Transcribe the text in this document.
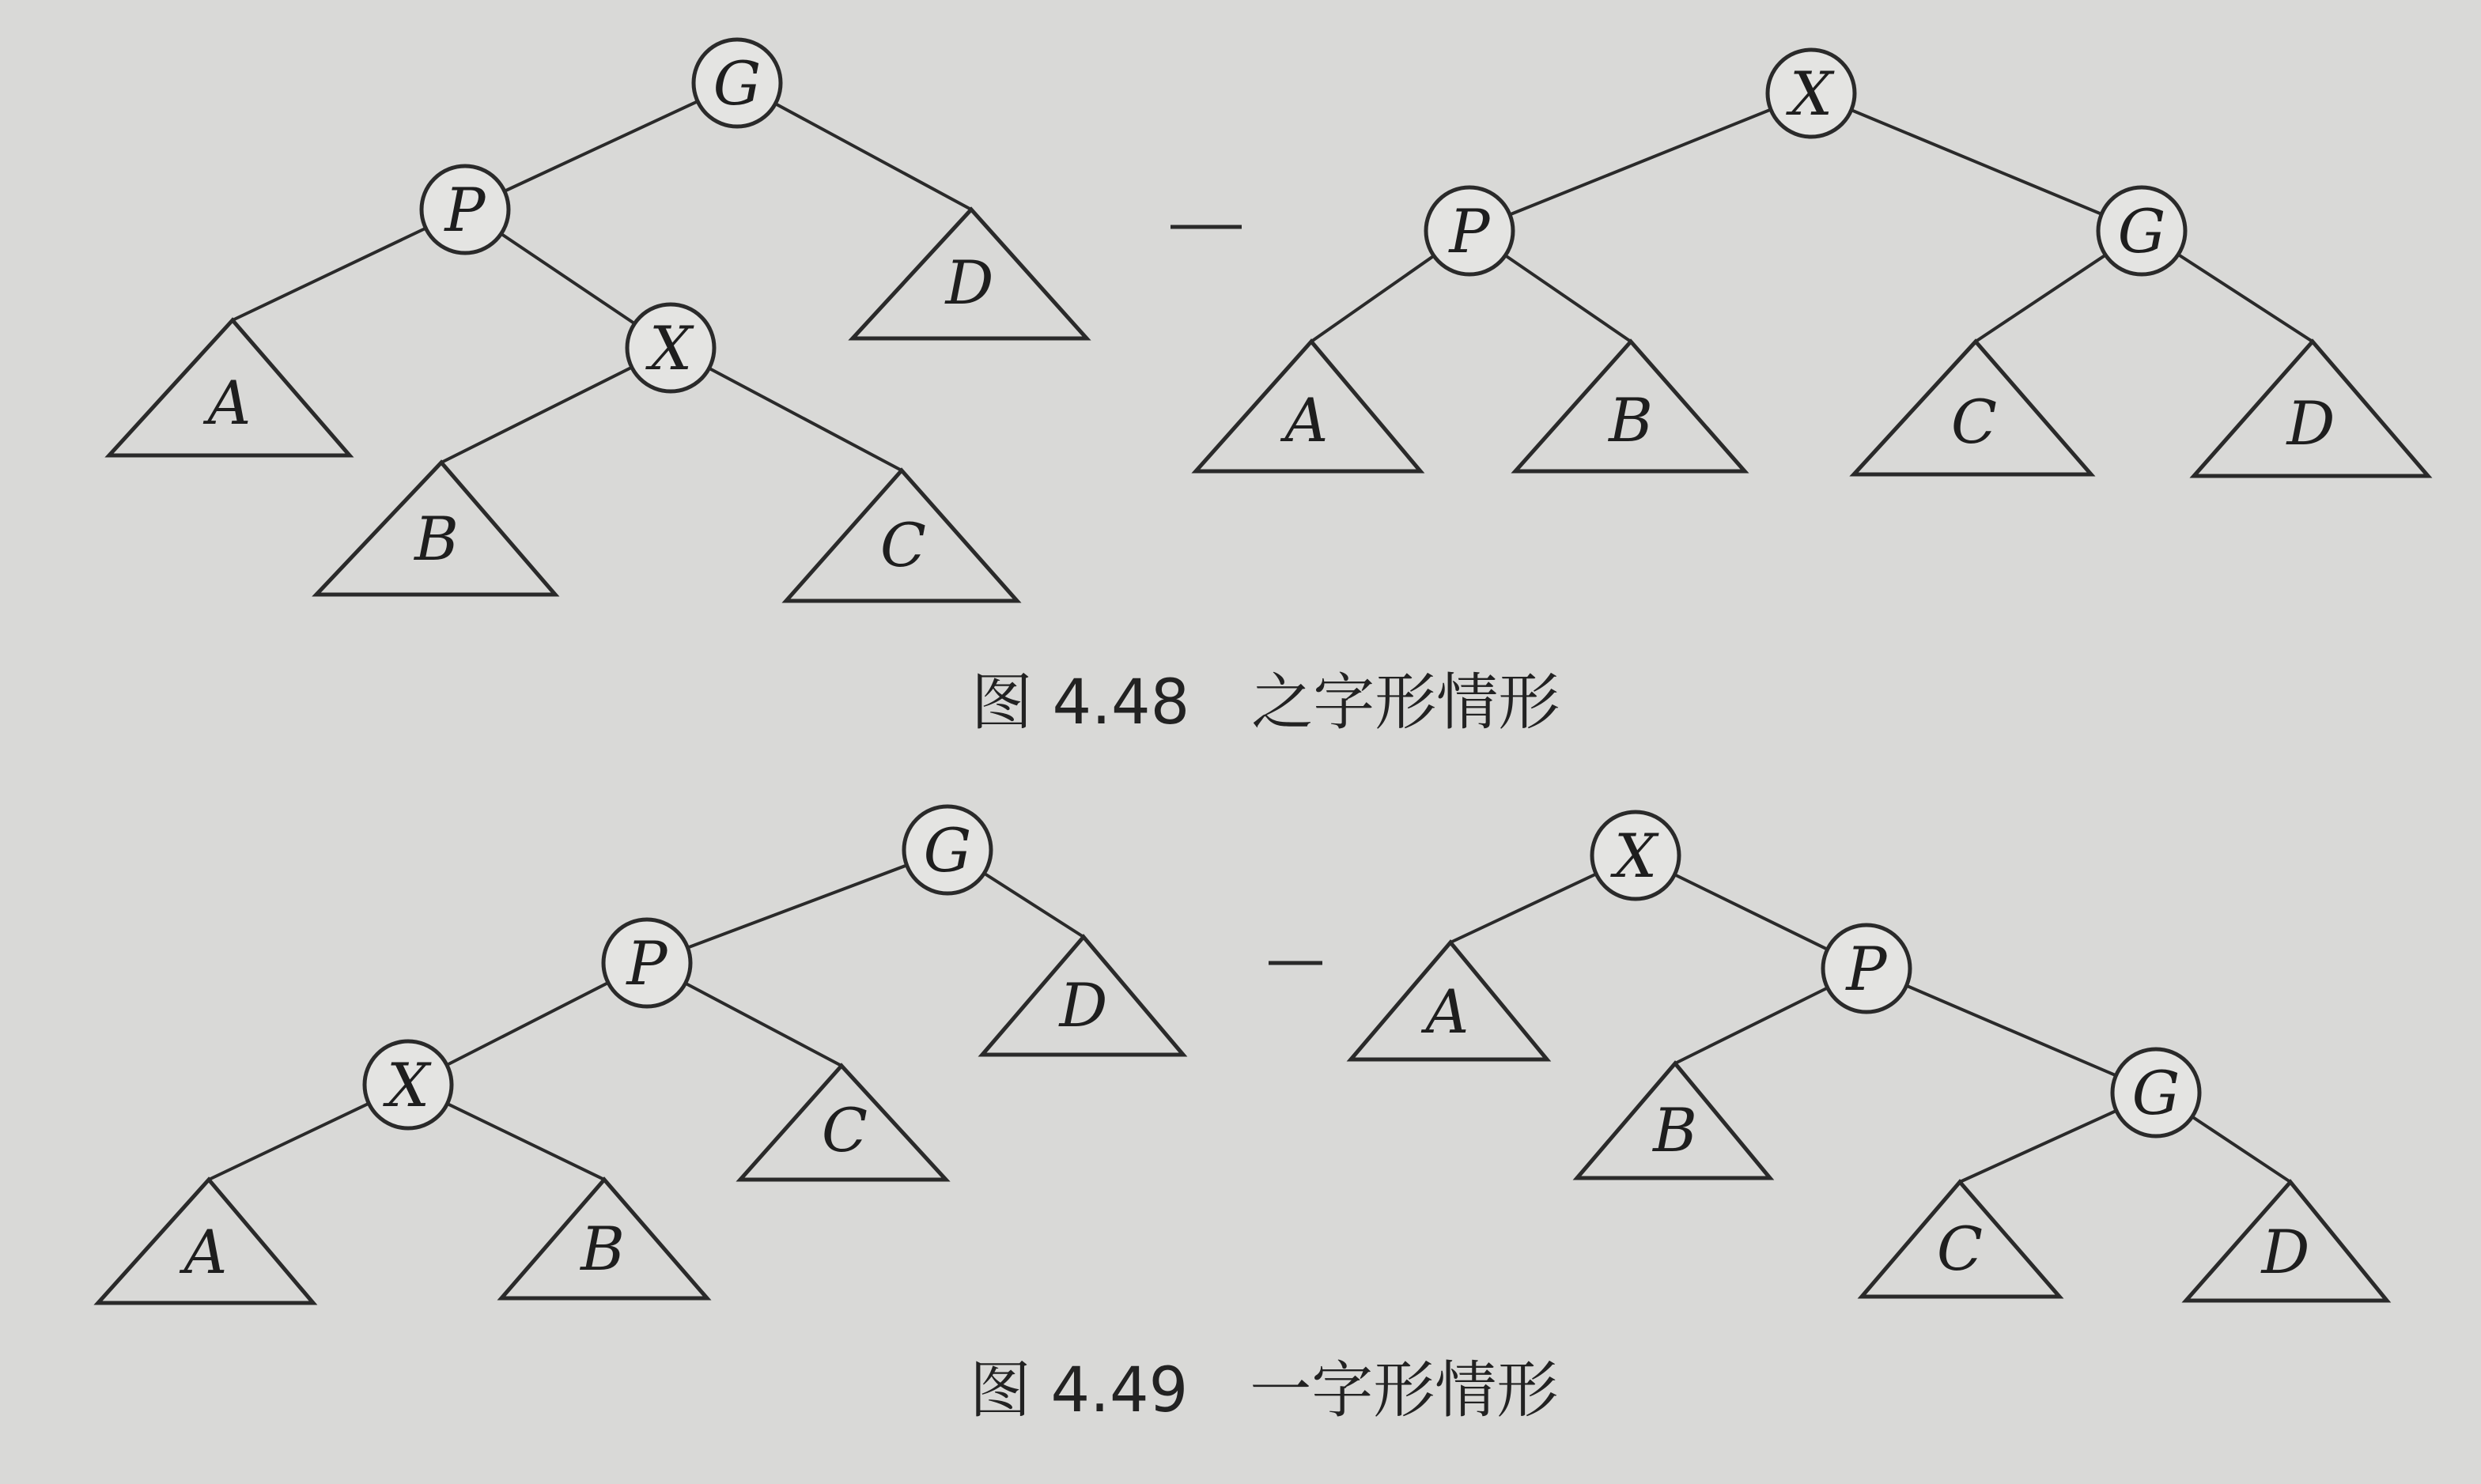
A
B	C
D
G
P
X
A	B	C	D
X
P	G
图 4.48　之字形情形
A	B
C
D
G
P
X
A
B
C	D
X
P
G
图 4.49　一字形情形
